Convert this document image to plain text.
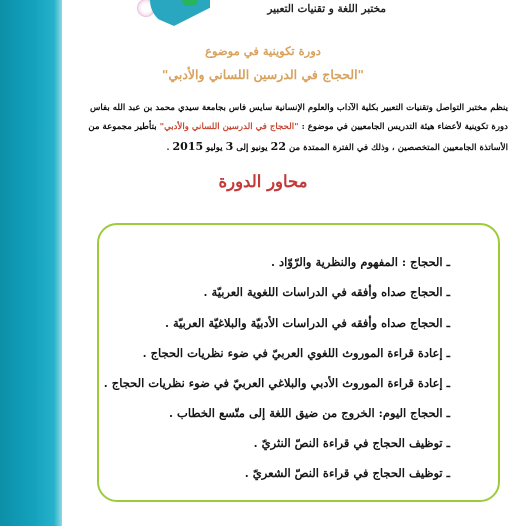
مختبر اللغة و تقنيات التعبير
دورة تكوينية في موضوع
"الحجاج في الدرسين اللساني والأدبي"
ينظم مختبر التواصل وتقنيات التعبير بكلية الآداب والعلوم الإنسانية سايس فاس بجامعة سيدي محمد بن عبد الله بفاس
دورة تكوينية لأعضاء هيئة التدريس الجامعيين في موضوع : "الحجاج في الدرسين اللساني والأدبي" بتأطير مجموعة من
الأساتذة الجامعيين المتخصصين ، وذلك في الفترة الممتدة من 22 يونيو إلى 3 يوليو 2015 .
محاور الدورة
ـ الحجاج : المفهوم والنظرية والرّوّاد .
ـ الحجاج صداه وأفقه في الدراسات اللغوية العربيّة .
ـ الحجاج صداه وأفقه في الدراسات الأدبيّة والبلاغيّة العربيّة .
ـ إعادة قراءة الموروث اللغوي العربيّ في ضوء نظريات الحجاج .
ـ إعادة قراءة الموروث الأدبي والبلاغي العربيّ في ضوء نظريات الحجاج .
ـ الحجاج اليوم: الخروج من ضيق اللغة إلى متّسع الخطاب .
ـ توظيف الحجاج في قراءة النصّ النثريّ .
ـ توظيف الحجاج في قراءة النصّ الشعريّ .
